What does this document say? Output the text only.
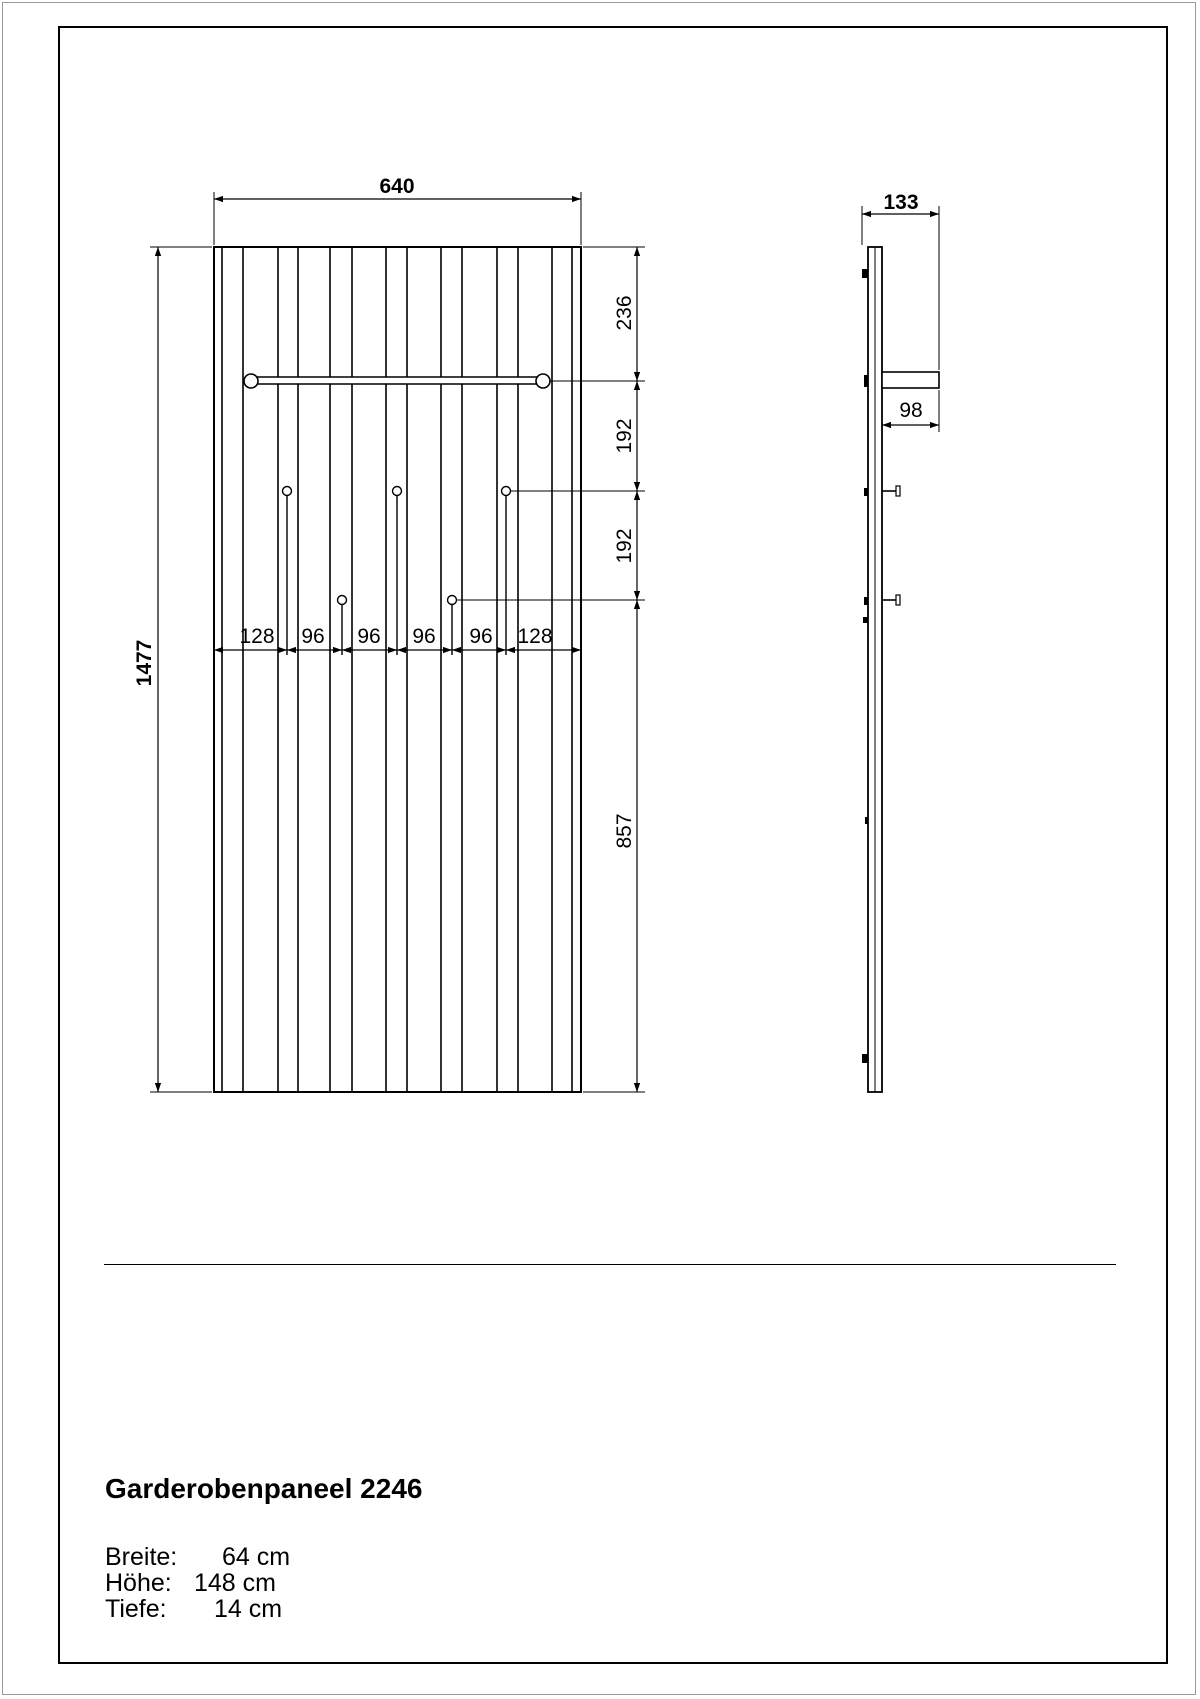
640
1477
236
192
192
857
128 96 96 96 96 128
133
98
Garderobenpaneel 2246
Breite: 64 cm
Höhe: 148 cm
Tiefe: 14 cm
